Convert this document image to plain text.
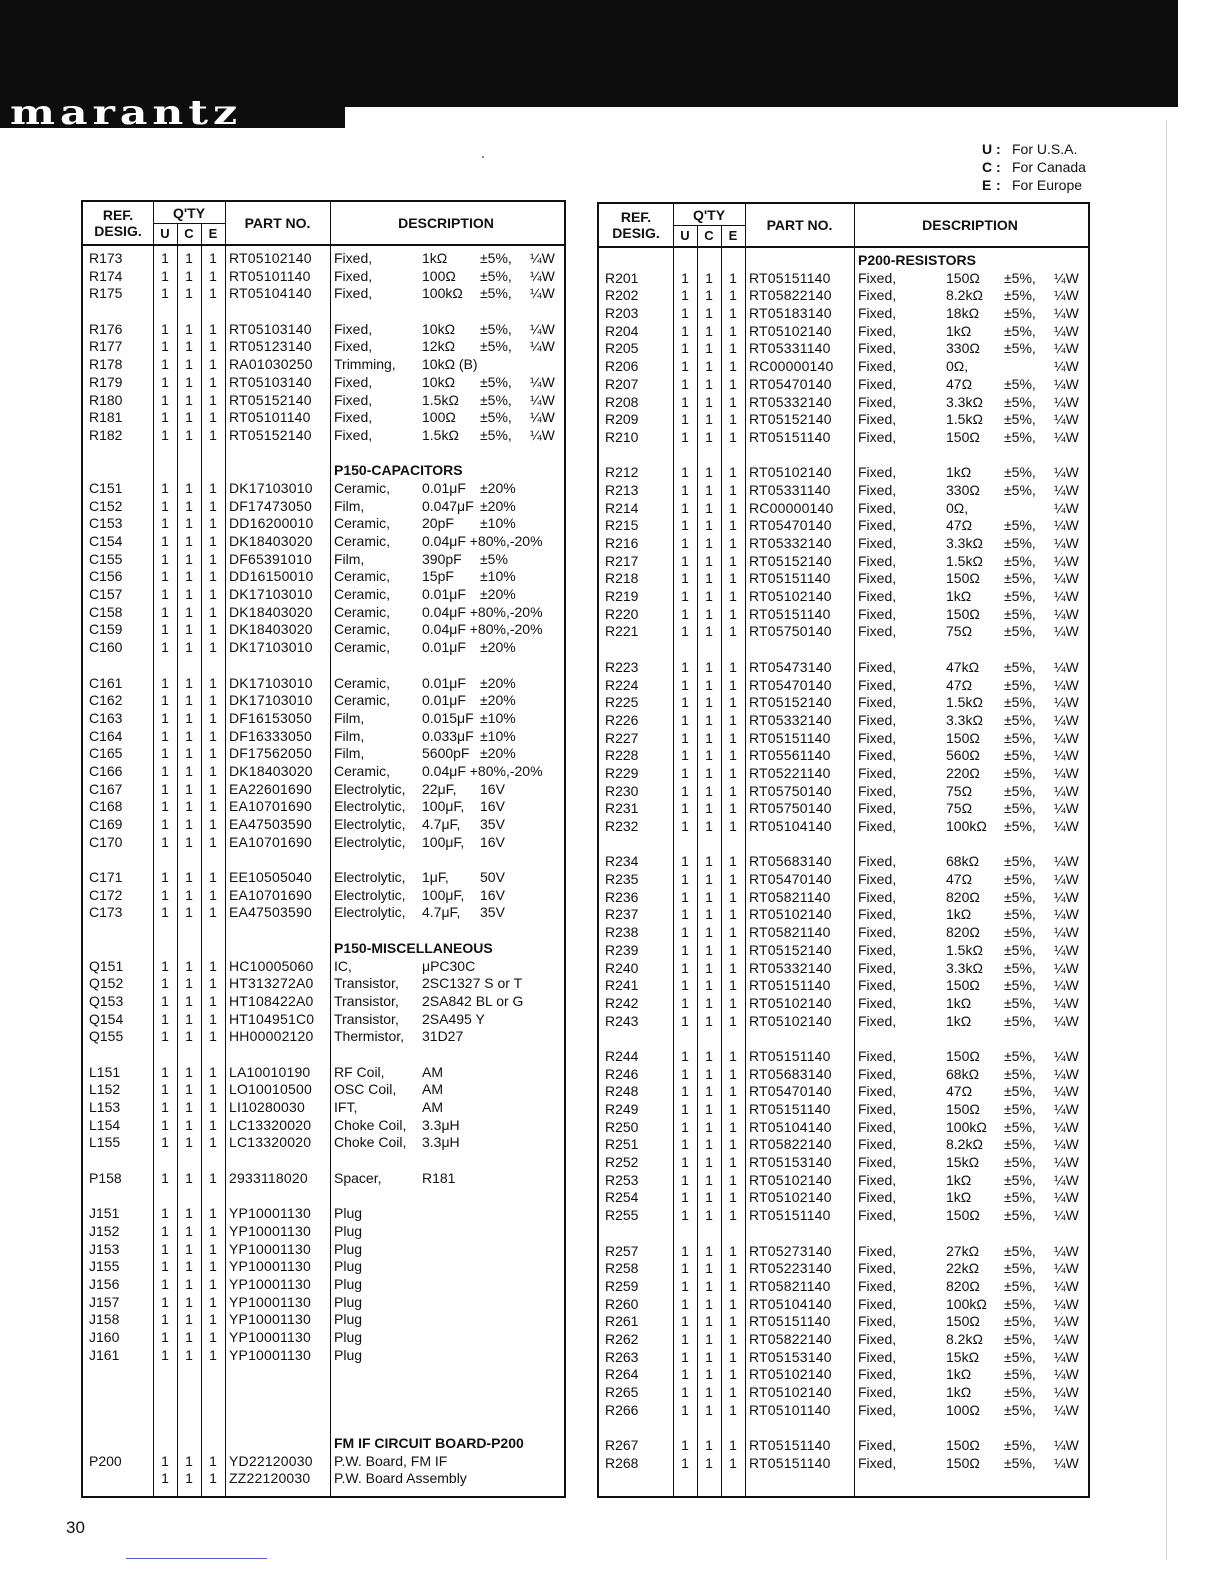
marantz
U : For U.S.A.
C : For Canada
E : For Europe
REF.
DESIG.
Q'TY
U	C	E
PART NO.	DESCRIPTION
R173	1	1	1 RT05102140	Fixed,	1kΩ	±5%,	¼W
R174	1	1	1 RT05101140	Fixed,	100Ω	±5%,	¼W
R175	1	1	1 RT05104140	Fixed,	100kΩ	±5%,	¼W
R176	1	1	1 RT05103140	Fixed,	10kΩ	±5%,	¼W
R177	1	1	1 RT05123140	Fixed,	12kΩ	±5%,	¼W
R178	1	1	1 RA01030250	Trimming,	10kΩ (B)
R179	1	1	1 RT05103140	Fixed,	10kΩ	±5%,	¼W
R180	1	1	1 RT05152140	Fixed,	1.5kΩ	±5%,	¼W
R181	1	1	1 RT05101140	Fixed,	100Ω	±5%,	¼W
R182	1	1	1 RT05152140	Fixed,	1.5kΩ	±5%,	¼W
P150-CAPACITORS
C151	1	1	1 DK17103010	Ceramic,	0.01μF	±20%
C152	1	1	1 DF17473050	Film,	0.047μF ±20%
C153	1	1	1 DD16200010	Ceramic,	20pF	±10%
C154	1	1	1 DK18403020	Ceramic,	0.04μF +80%,-20%
C155	1	1	1 DF65391010	Film,	390pF	±5%
C156	1	1	1 DD16150010	Ceramic,	15pF	±10%
C157	1	1	1 DK17103010	Ceramic,	0.01μF	±20%
C158	1	1	1 DK18403020	Ceramic,	0.04μF +80%,-20%
C159	1	1	1 DK18403020	Ceramic,	0.04μF +80%,-20%
C160	1	1	1 DK17103010	Ceramic,	0.01μF	±20%
C161	1	1	1 DK17103010	Ceramic,	0.01μF	±20%
C162	1	1	1 DK17103010	Ceramic,	0.01μF	±20%
C163	1	1	1 DF16153050	Film,	0.015μF ±10%
C164	1	1	1 DF16333050	Film,	0.033μF ±10%
C165	1	1	1 DF17562050	Film,	5600pF ±20%
C166	1	1	1 DK18403020	Ceramic,	0.04μF +80%,-20%
C167	1	1	1 EA22601690	Electrolytic,	22μF,	16V
C168	1	1	1 EA10701690	Electrolytic,	100μF,	16V
C169	1	1	1 EA47503590	Electrolytic,	4.7μF,	35V
C170	1	1	1 EA10701690	Electrolytic,	100μF,	16V
C171	1	1	1 EE10505040	Electrolytic,	1μF,	50V
C172	1	1	1 EA10701690	Electrolytic,	100μF,	16V
C173	1	1	1 EA47503590	Electrolytic,	4.7μF,	35V
P150-MISCELLANEOUS
Q151	1	1	1 HC10005060	IC,	μPC30C
Q152	1	1	1 HT313272A0	Transistor,	2SC1327 S or T
Q153	1	1	1 HT108422A0	Transistor,	2SA842 BL or G
Q154	1	1	1 HT104951C0	Transistor,	2SA495 Y
Q155	1	1	1 HH00002120	Thermistor,	31D27
L151	1	1	1 LA10010190	RF Coil,	AM
L152	1	1	1 LO10010500	OSC Coil,	AM
L153	1	1	1 LI10280030	IFT,	AM
L154	1	1	1 LC13320020	Choke Coil,	3.3μH
L155	1	1	1 LC13320020	Choke Coil,	3.3μH
P158	1	1	1 2933118020	Spacer,	R181
J151	1	1	1 YP10001130	Plug
J152	1	1	1 YP10001130	Plug
J153	1	1	1 YP10001130	Plug
J155	1	1	1 YP10001130	Plug
J156	1	1	1 YP10001130	Plug
J157	1	1	1 YP10001130	Plug
J158	1	1	1 YP10001130	Plug
J160	1	1	1 YP10001130	Plug
J161	1	1	1 YP10001130	Plug
FM IF CIRCUIT BOARD-P200
P200	1	1	1 YD22120030	P.W. Board, FM IF
1	1	1 ZZ22120030	P.W. Board Assembly
REF.
DESIG.
Q'TY
U	C	E
PART NO.	DESCRIPTION
P200-RESISTORS
R201	1	1	1 RT05151140	Fixed,	150Ω	±5%,	¼W
R202	1	1	1 RT05822140	Fixed,	8.2kΩ	±5%,	¼W
R203	1	1	1 RT05183140	Fixed,	18kΩ	±5%,	¼W
R204	1	1	1 RT05102140	Fixed,	1kΩ	±5%,	¼W
R205	1	1	1 RT05331140	Fixed,	330Ω	±5%,	¼W
R206	1	1	1 RC00000140	Fixed,	0Ω,	¼W
R207	1	1	1 RT05470140	Fixed,	47Ω	±5%,	¼W
R208	1	1	1 RT05332140	Fixed,	3.3kΩ	±5%,	¼W
R209	1	1	1 RT05152140	Fixed,	1.5kΩ	±5%,	¼W
R210	1	1	1 RT05151140	Fixed,	150Ω	±5%,	¼W
R212	1	1	1 RT05102140	Fixed,	1kΩ	±5%,	¼W
R213	1	1	1 RT05331140	Fixed,	330Ω	±5%,	¼W
R214	1	1	1 RC00000140	Fixed,	0Ω,	¼W
R215	1	1	1 RT05470140	Fixed,	47Ω	±5%,	¼W
R216	1	1	1 RT05332140	Fixed,	3.3kΩ	±5%,	¼W
R217	1	1	1 RT05152140	Fixed,	1.5kΩ	±5%,	¼W
R218	1	1	1 RT05151140	Fixed,	150Ω	±5%,	¼W
R219	1	1	1 RT05102140	Fixed,	1kΩ	±5%,	¼W
R220	1	1	1 RT05151140	Fixed,	150Ω	±5%,	¼W
R221	1	1	1 RT05750140	Fixed,	75Ω	±5%,	¼W
R223	1	1	1 RT05473140	Fixed,	47kΩ	±5%,	¼W
R224	1	1	1 RT05470140	Fixed,	47Ω	±5%,	¼W
R225	1	1	1 RT05152140	Fixed,	1.5kΩ	±5%,	¼W
R226	1	1	1 RT05332140	Fixed,	3.3kΩ	±5%,	¼W
R227	1	1	1 RT05151140	Fixed,	150Ω	±5%,	¼W
R228	1	1	1 RT05561140	Fixed,	560Ω	±5%,	¼W
R229	1	1	1 RT05221140	Fixed,	220Ω	±5%,	¼W
R230	1	1	1 RT05750140	Fixed,	75Ω	±5%,	¼W
R231	1	1	1 RT05750140	Fixed,	75Ω	±5%,	¼W
R232	1	1	1 RT05104140	Fixed,	100kΩ	±5%,	¼W
R234	1	1	1 RT05683140	Fixed,	68kΩ	±5%,	¼W
R235	1	1	1 RT05470140	Fixed,	47Ω	±5%,	¼W
R236	1	1	1 RT05821140	Fixed,	820Ω	±5%,	¼W
R237	1	1	1 RT05102140	Fixed,	1kΩ	±5%,	¼W
R238	1	1	1 RT05821140	Fixed,	820Ω	±5%,	¼W
R239	1	1	1 RT05152140	Fixed,	1.5kΩ	±5%,	¼W
R240	1	1	1 RT05332140	Fixed,	3.3kΩ	±5%,	¼W
R241	1	1	1 RT05151140	Fixed,	150Ω	±5%,	¼W
R242	1	1	1 RT05102140	Fixed,	1kΩ	±5%,	¼W
R243	1	1	1 RT05102140	Fixed,	1kΩ	±5%,	¼W
R244	1	1	1 RT05151140	Fixed,	150Ω	±5%,	¼W
R246	1	1	1 RT05683140	Fixed,	68kΩ	±5%,	¼W
R248	1	1	1 RT05470140	Fixed,	47Ω	±5%,	¼W
R249	1	1	1 RT05151140	Fixed,	150Ω	±5%,	¼W
R250	1	1	1 RT05104140	Fixed,	100kΩ	±5%,	¼W
R251	1	1	1 RT05822140	Fixed,	8.2kΩ	±5%,	¼W
R252	1	1	1 RT05153140	Fixed,	15kΩ	±5%,	¼W
R253	1	1	1 RT05102140	Fixed,	1kΩ	±5%,	¼W
R254	1	1	1 RT05102140	Fixed,	1kΩ	±5%,	¼W
R255	1	1	1 RT05151140	Fixed,	150Ω	±5%,	¼W
R257	1	1	1 RT05273140	Fixed,	27kΩ	±5%,	¼W
R258	1	1	1 RT05223140	Fixed,	22kΩ	±5%,	¼W
R259	1	1	1 RT05821140	Fixed,	820Ω	±5%,	¼W
R260	1	1	1 RT05104140	Fixed,	100kΩ	±5%,	¼W
R261	1	1	1 RT05151140	Fixed,	150Ω	±5%,	¼W
R262	1	1	1 RT05822140	Fixed,	8.2kΩ	±5%,	¼W
R263	1	1	1 RT05153140	Fixed,	15kΩ	±5%,	¼W
R264	1	1	1 RT05102140	Fixed,	1kΩ	±5%,	¼W
R265	1	1	1 RT05102140	Fixed,	1kΩ	±5%,	¼W
R266	1	1	1 RT05101140	Fixed,	100Ω	±5%,	¼W
R267	1	1	1 RT05151140	Fixed,	150Ω	±5%,	¼W
R268	1	1	1 RT05151140	Fixed,	150Ω	±5%,	¼W
30
